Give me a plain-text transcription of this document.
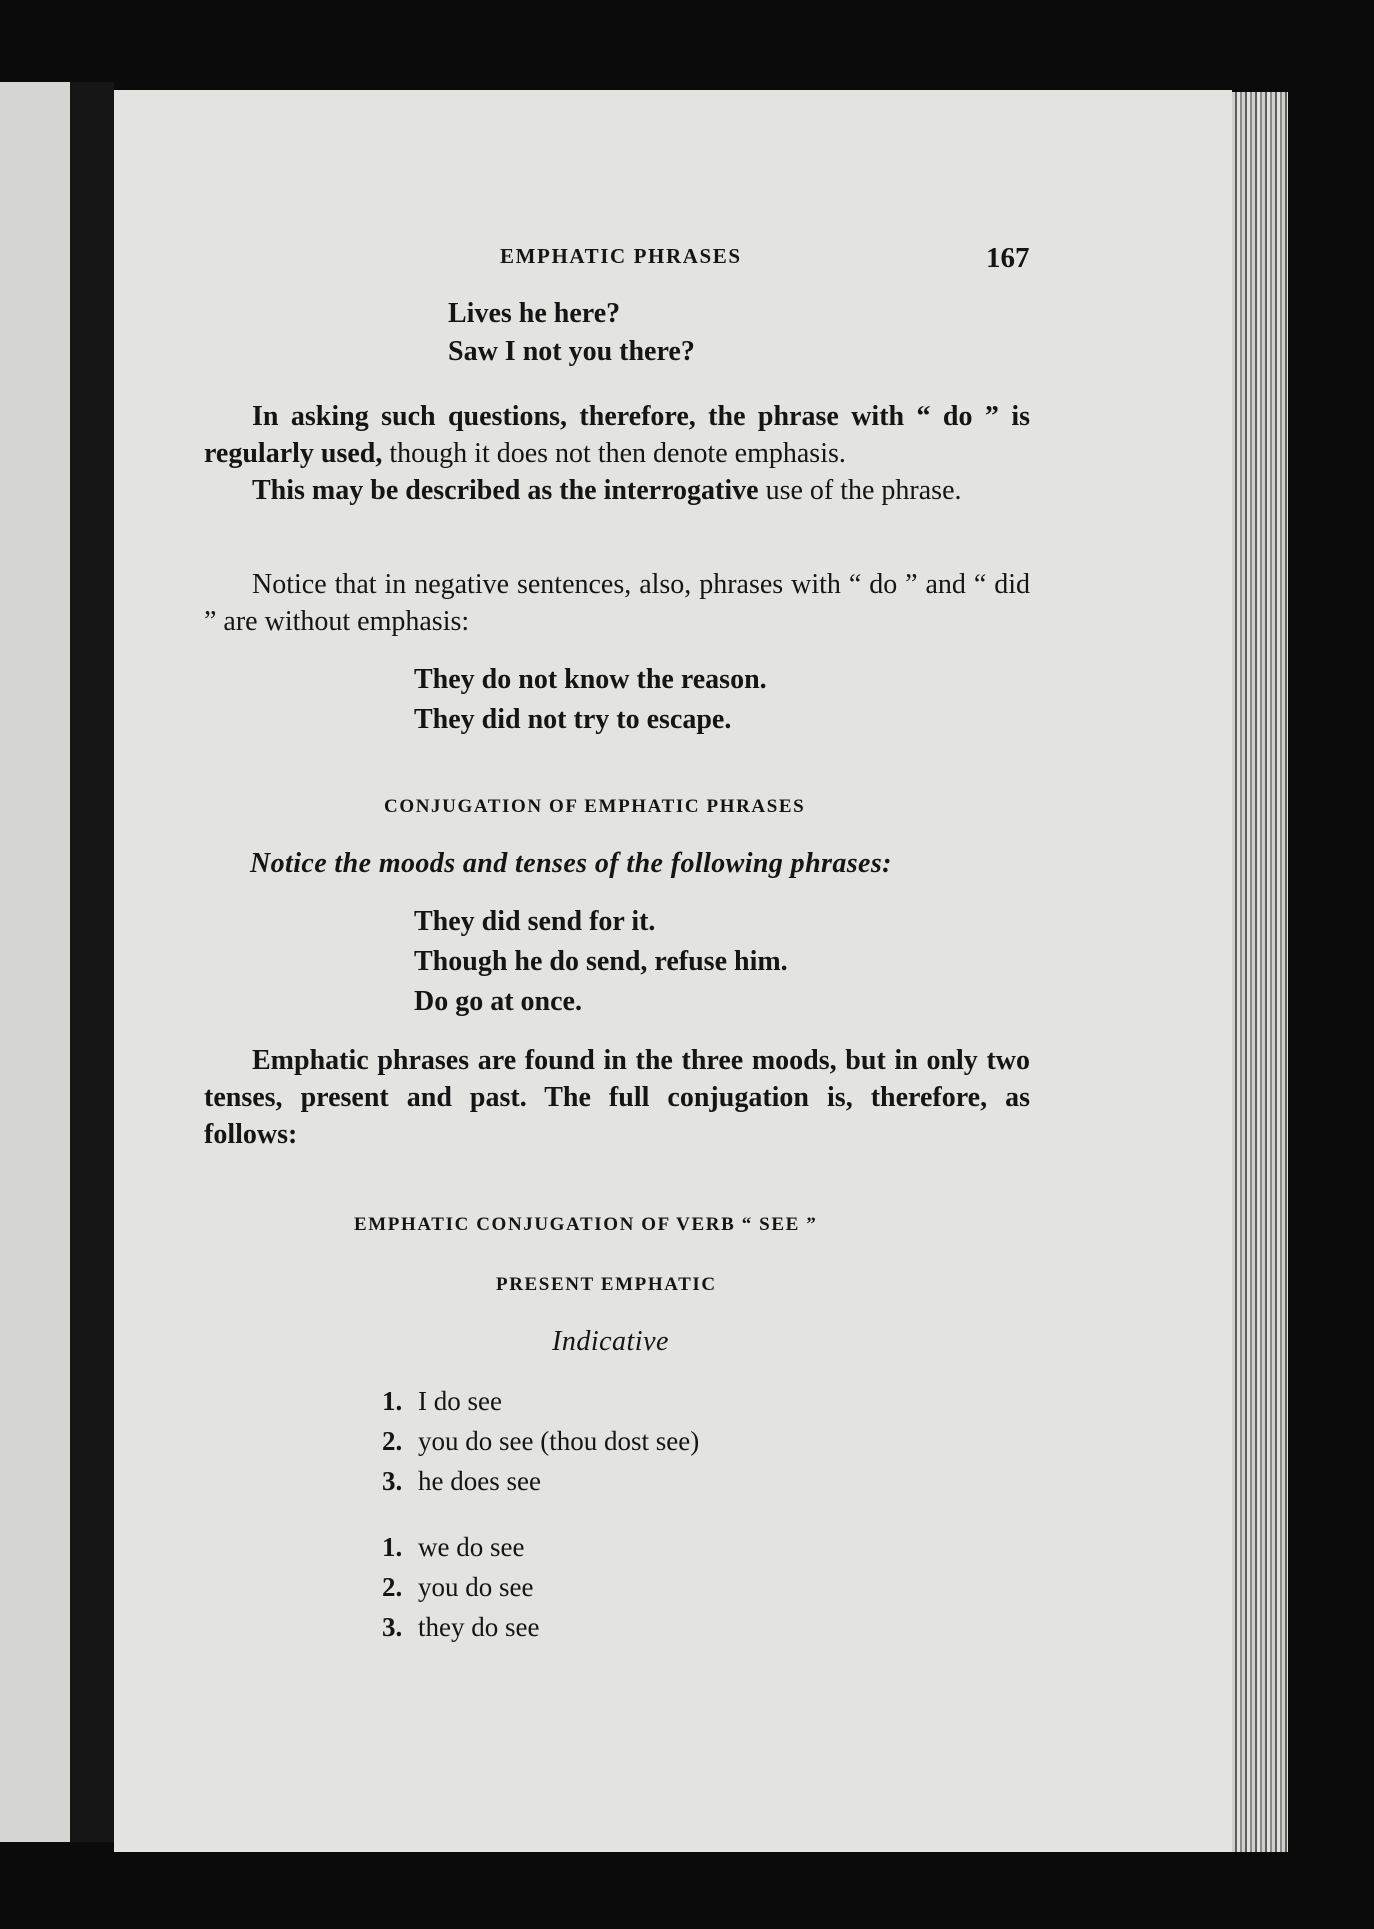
EMPHATIC PHRASES	167
Lives he here?
Saw I not you there?

In asking such questions, therefore, the phrase with “ do ” is regularly used, though it does not then denote emphasis.

This may be described as the interrogative use of the phrase.

Notice that in negative sentences, also, phrases with “ do ” and “ did ” are without emphasis:

They do not know the reason.
They did not try to escape.
CONJUGATION OF EMPHATIC PHRASES
Notice the moods and tenses of the following phrases:
They did send for it.
Though he do send, refuse him.
Do go at once.

Emphatic phrases are found in the three moods, but in only two tenses, present and past. The full conjugation is, therefore, as follows:

EMPHATIC CONJUGATION OF VERB “ SEE ”
PRESENT EMPHATIC
Indicative
1. I do see
2. you do see (thou dost see)
3. he does see
1. we do see
2. you do see
3. they do see
